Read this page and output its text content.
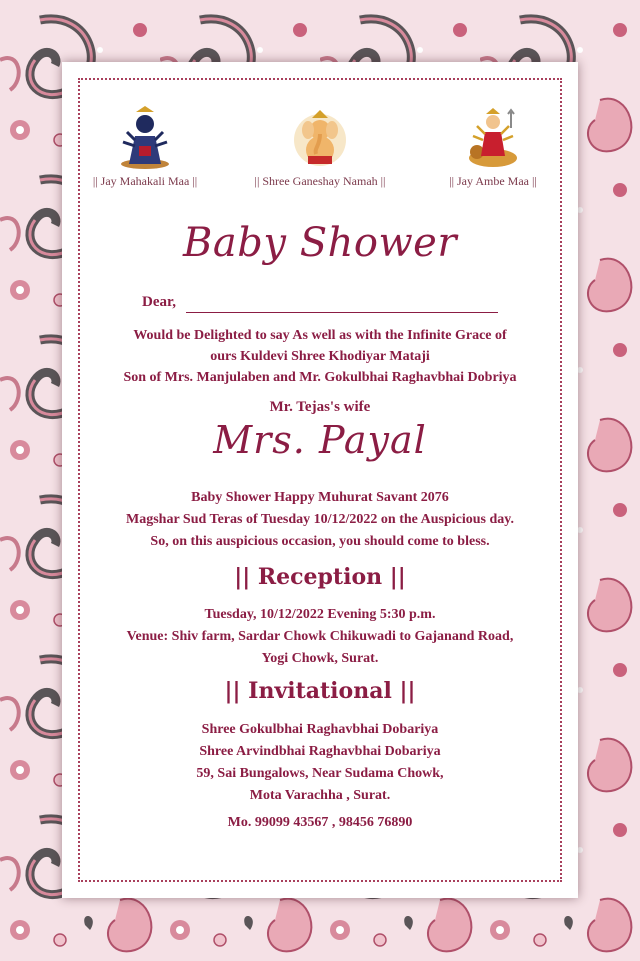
|| Jay Mahakali Maa ||	|| Shree Ganeshay Namah ||	|| Jay Ambe Maa ||
Baby Shower
Dear,
Would be Delighted to say As well as with the Infinite Grace of
ours Kuldevi Shree Khodiyar Mataji
Son of Mrs. Manjulaben and Mr. Gokulbhai Raghavbhai Dobriya
Mr. Tejas's wife
Mrs. Payal
Baby Shower Happy Muhurat Savant 2076
Magshar Sud Teras of Tuesday 10/12/2022 on the Auspicious day.
So, on this auspicious occasion, you should come to bless.
|| Reception ||
Tuesday, 10/12/2022 Evening 5:30 p.m.
Venue: Shiv farm, Sardar Chowk Chikuwadi to Gajanand Road,
Yogi Chowk, Surat.
|| Invitational ||
Shree Gokulbhai Raghavbhai Dobariya
Shree Arvindbhai Raghavbhai Dobariya
59, Sai Bungalows, Near Sudama Chowk,
Mota Varachha , Surat.
Mo. 99099 43567 , 98456 76890
